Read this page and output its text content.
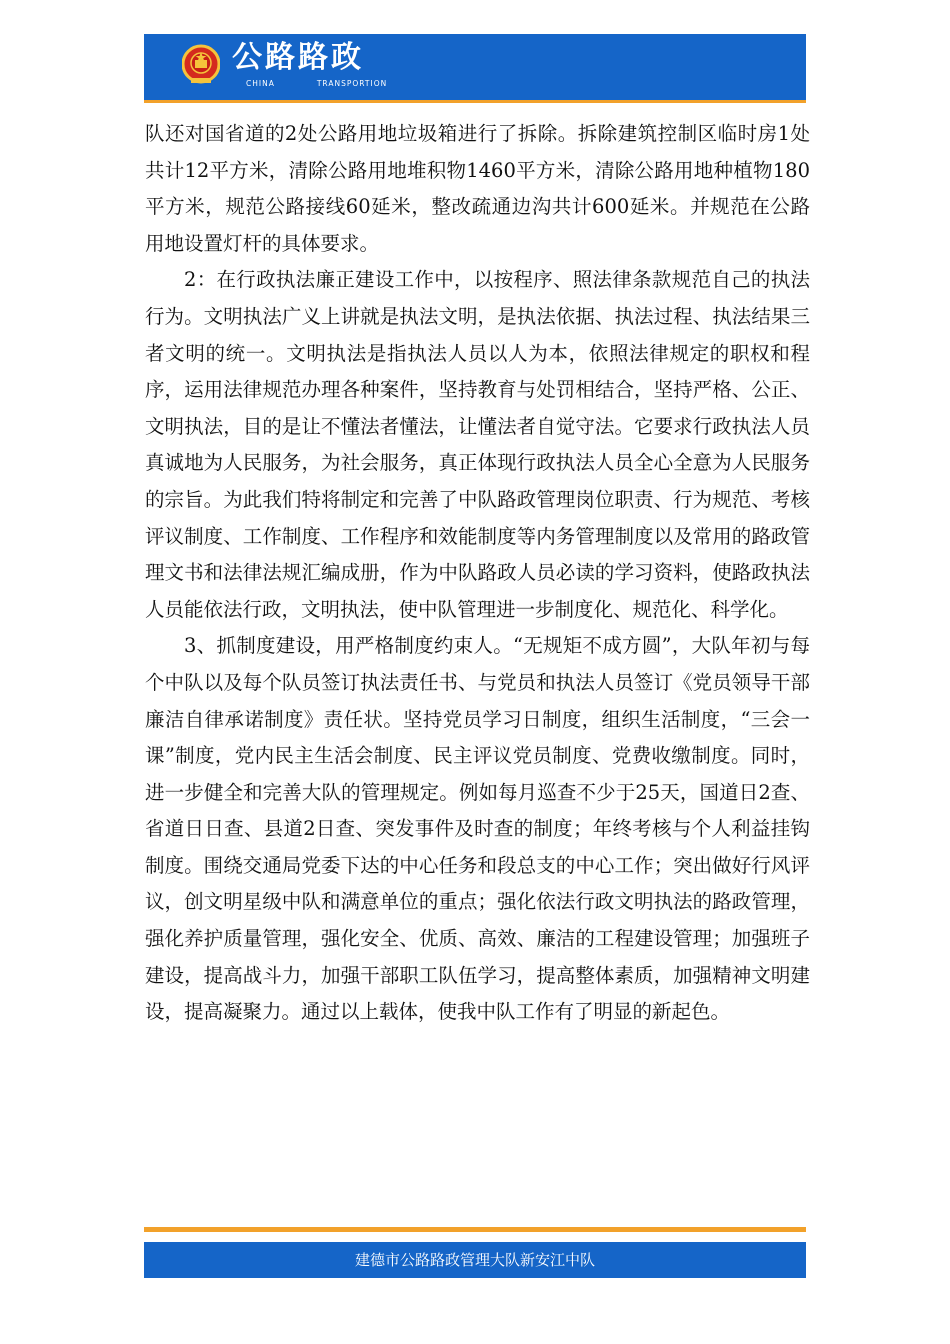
公路路政
CHINA	TRANSPORTION

队还对国省道的2处公路用地垃圾箱进行了拆除。拆除建筑控制区临时房1处共计12平方米，清除公路用地堆积物1460平方米，清除公路用地种植物180平方米，规范公路接线60延米，整改疏通边沟共计600延米。并规范在公路用地设置灯杆的具体要求。

2：在行政执法廉正建设工作中，以按程序、照法律条款规范自己的执法行为。文明执法广义上讲就是执法文明，是执法依据、执法过程、执法结果三者文明的统一。文明执法是指执法人员以人为本，依照法律规定的职权和程序，运用法律规范办理各种案件，坚持教育与处罚相结合，坚持严格、公正、文明执法，目的是让不懂法者懂法，让懂法者自觉守法。它要求行政执法人员真诚地为人民服务，为社会服务，真正体现行政执法人员全心全意为人民服务的宗旨。为此我们特将制定和完善了中队路政管理岗位职责、行为规范、考核评议制度、工作制度、工作程序和效能制度等内务管理制度以及常用的路政管理文书和法律法规汇编成册，作为中队路政人员必读的学习资料，使路政执法人员能依法行政，文明执法，使中队管理进一步制度化、规范化、科学化。

3、抓制度建设，用严格制度约束人。“无规矩不成方圆”，大队年初与每个中队以及每个队员签订执法责任书、与党员和执法人员签订《党员领导干部廉洁自律承诺制度》责任状。坚持党员学习日制度，组织生活制度，“三会一课”制度，党内民主生活会制度、民主评议党员制度、党费收缴制度。同时，进一步健全和完善大队的管理规定。例如每月巡查不少于25天，国道日2查、省道日日查、县道2日查、突发事件及时查的制度；年终考核与个人利益挂钩制度。围绕交通局党委下达的中心任务和段总支的中心工作；突出做好行风评议，创文明星级中队和满意单位的重点；强化依法行政文明执法的路政管理，强化养护质量管理，强化安全、优质、高效、廉洁的工程建设管理；加强班子建设，提高战斗力，加强干部职工队伍学习，提高整体素质，加强精神文明建设，提高凝聚力。通过以上载体，使我中队工作有了明显的新起色。

建德市公路路政管理大队新安江中队
